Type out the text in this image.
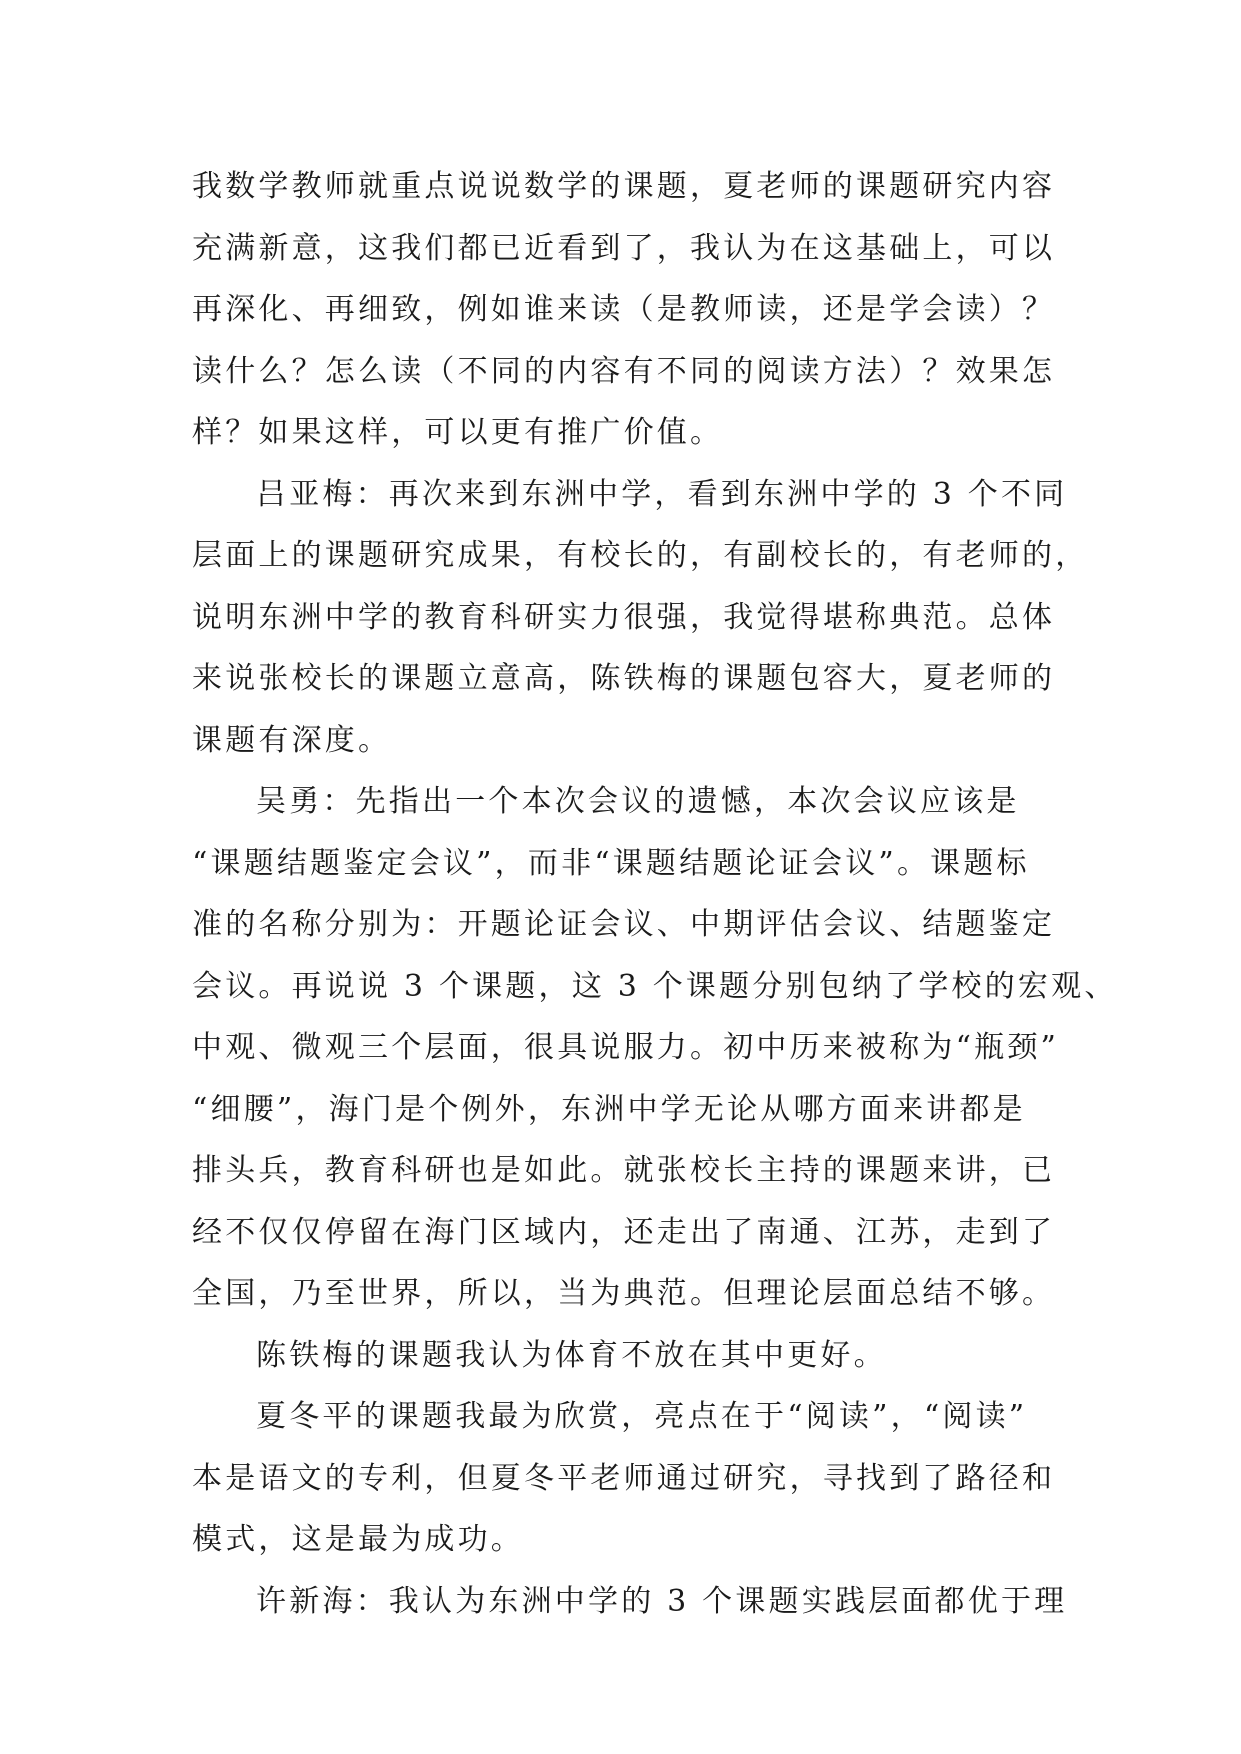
我数学教师就重点说说数学的课题，夏老师的课题研究内容
充满新意，这我们都已近看到了，我认为在这基础上，可以
再深化、再细致，例如谁来读（是教师读，还是学会读）？
读什么？怎么读（不同的内容有不同的阅读方法）？效果怎
样？如果这样，可以更有推广价值。
吕亚梅：再次来到东洲中学，看到东洲中学的 3 个不同
层面上的课题研究成果，有校长的，有副校长的，有老师的，
说明东洲中学的教育科研实力很强，我觉得堪称典范。总体
来说张校长的课题立意高，陈铁梅的课题包容大，夏老师的
课题有深度。
吴勇：先指出一个本次会议的遗憾，本次会议应该是
“课题结题鉴定会议”，而非“课题结题论证会议”。课题标
准的名称分别为：开题论证会议、中期评估会议、结题鉴定
会议。再说说 3 个课题，这 3 个课题分别包纳了学校的宏观、
中观、微观三个层面，很具说服力。初中历来被称为“瓶颈”
“细腰”，海门是个例外，东洲中学无论从哪方面来讲都是
排头兵，教育科研也是如此。就张校长主持的课题来讲，已
经不仅仅停留在海门区域内，还走出了南通、江苏，走到了
全国，乃至世界，所以，当为典范。但理论层面总结不够。
陈铁梅的课题我认为体育不放在其中更好。
夏冬平的课题我最为欣赏，亮点在于“阅读”，“阅读”
本是语文的专利，但夏冬平老师通过研究，寻找到了路径和
模式，这是最为成功。
许新海：我认为东洲中学的 3 个课题实践层面都优于理
